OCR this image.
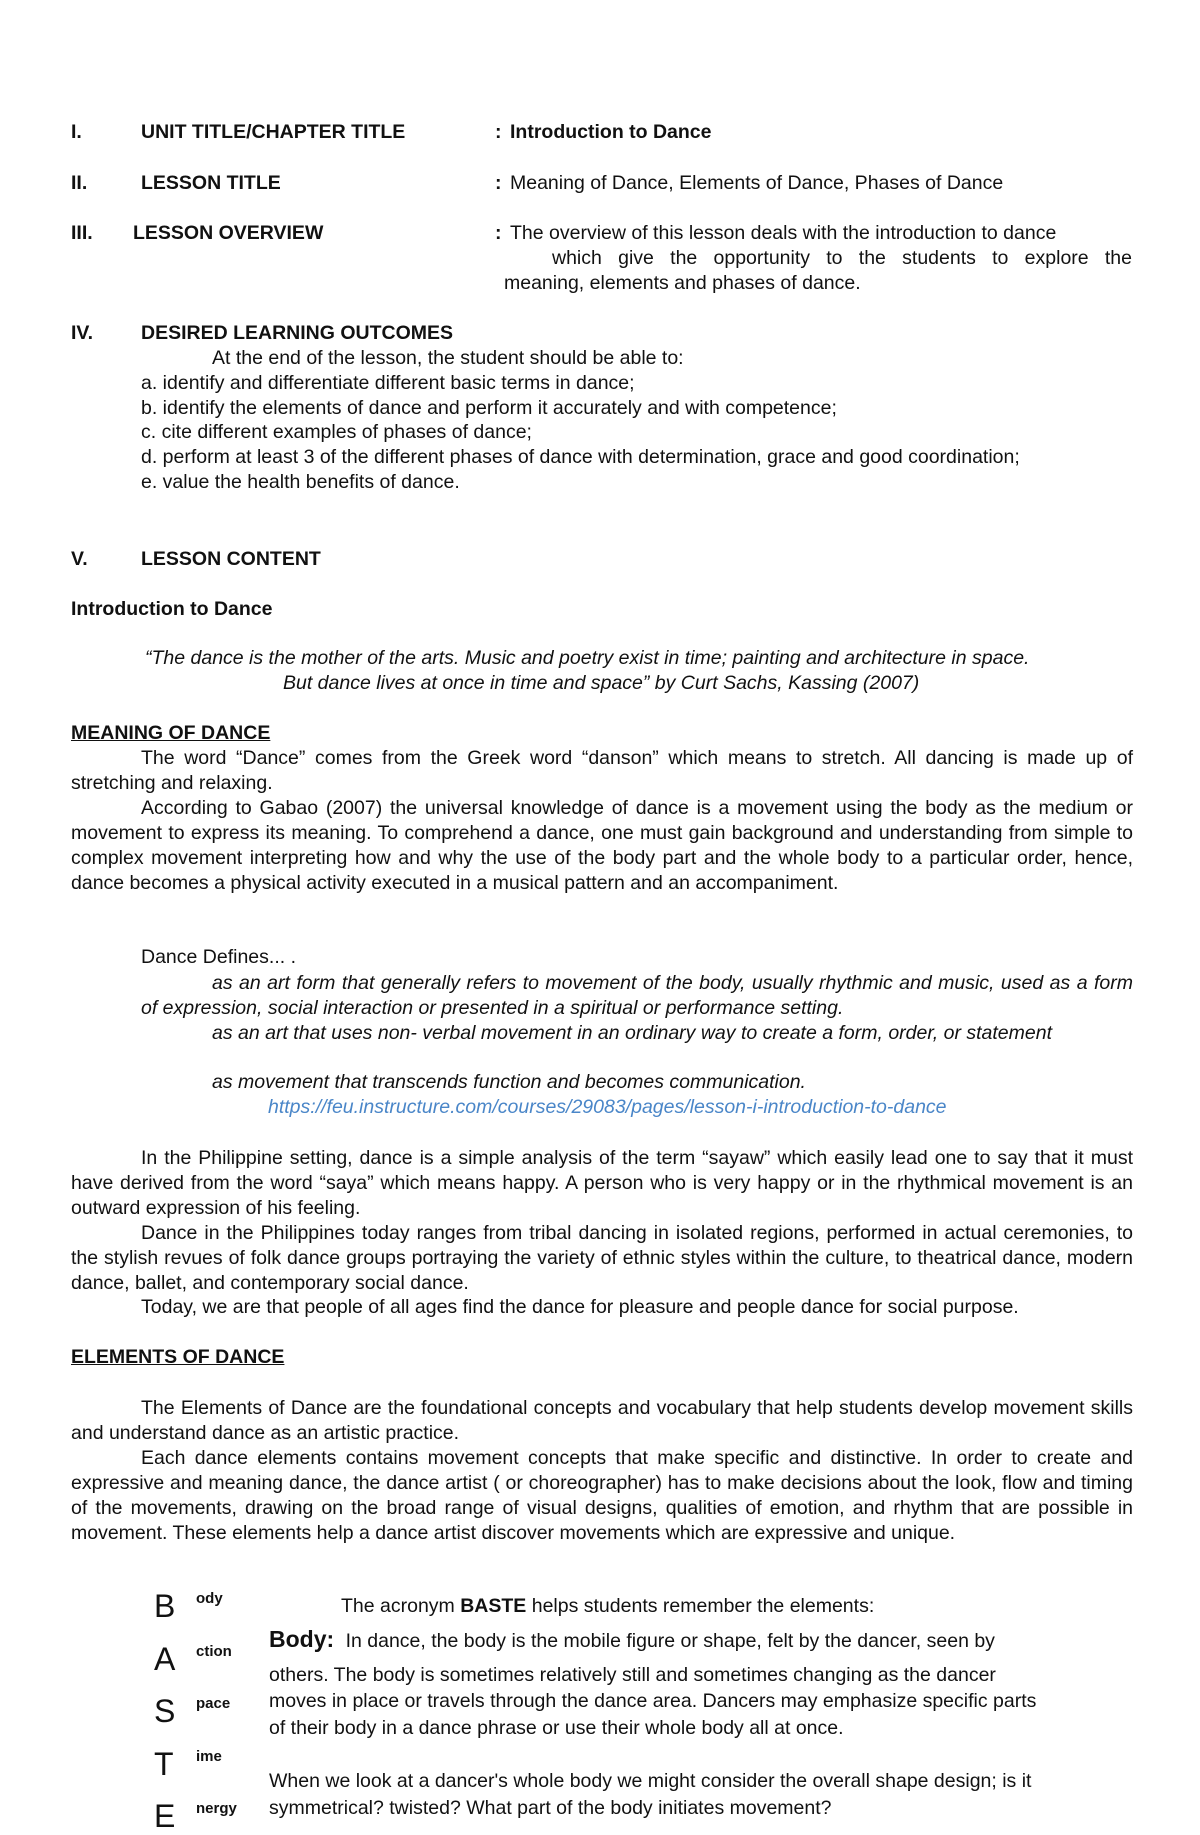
I.	UNIT TITLE/CHAPTER TITLE	: Introduction to Dance
II.	LESSON TITLE	: Meaning of Dance, Elements of Dance, Phases of Dance
III. LESSON OVERVIEW	: The overview of this lesson deals with the introduction to dance
which give the opportunity to the students to explore the
meaning, elements and phases of dance.
IV. DESIRED LEARNING OUTCOMES
At the end of the lesson, the student should be able to:
a. identify and differentiate different basic terms in dance;
b. identify the elements of dance and perform it accurately and with competence;
c. cite different examples of phases of dance;
d. perform at least 3 of the different phases of dance with determination, grace and good coordination;
e. value the health benefits of dance.
V.	LESSON CONTENT
Introduction to Dance
“The dance is the mother of the arts. Music and poetry exist in time; painting and architecture in space.
But dance lives at once in time and space” by Curt Sachs, Kassing (2007)
MEANING OF DANCE
The word “Dance” comes from the Greek word “danson” which means to stretch. All dancing is made up of stretching and relaxing.
According to Gabao (2007) the universal knowledge of dance is a movement using the body as the medium or movement to express its meaning. To comprehend a dance, one must gain background and understanding from simple to complex movement interpreting how and why the use of the body part and the whole body to a particular order, hence, dance becomes a physical activity executed in a musical pattern and an accompaniment.
Dance Defines... .
as an art form that generally refers to movement of the body, usually rhythmic and music, used as a form of expression, social interaction or presented in a spiritual or performance setting.
as an art that uses non- verbal movement in an ordinary way to create a form, order, or statement
as movement that transcends function and becomes communication.
https://feu.instructure.com/courses/29083/pages/lesson-i-introduction-to-dance
In the Philippine setting, dance is a simple analysis of the term “sayaw” which easily lead one to say that it must have derived from the word “saya” which means happy. A person who is very happy or in the rhythmical movement is an outward expression of his feeling.
Dance in the Philippines today ranges from tribal dancing in isolated regions, performed in actual ceremonies, to the stylish revues of folk dance groups portraying the variety of ethnic styles within the culture, to theatrical dance, modern dance, ballet, and contemporary social dance.
Today, we are that people of all ages find the dance for pleasure and people dance for social purpose.
ELEMENTS OF DANCE
The Elements of Dance are the foundational concepts and vocabulary that help students develop movement skills and understand dance as an artistic practice.
Each dance elements contains movement concepts that make specific and distinctive. In order to create and expressive and meaning dance, the dance artist ( or choreographer) has to make decisions about the look, flow and timing of the movements, drawing on the broad range of visual designs, qualities of emotion, and rhythm that are possible in movement. These elements help a dance artist discover movements which are expressive and unique.
B ody
A ction
S pace
T ime
E nergy
The acronym BASTE helps students remember the elements:
Body: In dance, the body is the mobile figure or shape, felt by the dancer, seen by
others. The body is sometimes relatively still and sometimes changing as the dancer
moves in place or travels through the dance area. Dancers may emphasize specific parts
of their body in a dance phrase or use their whole body all at once.
When we look at a dancer's whole body we might consider the overall shape design; is it
symmetrical? twisted? What part of the body initiates movement?
